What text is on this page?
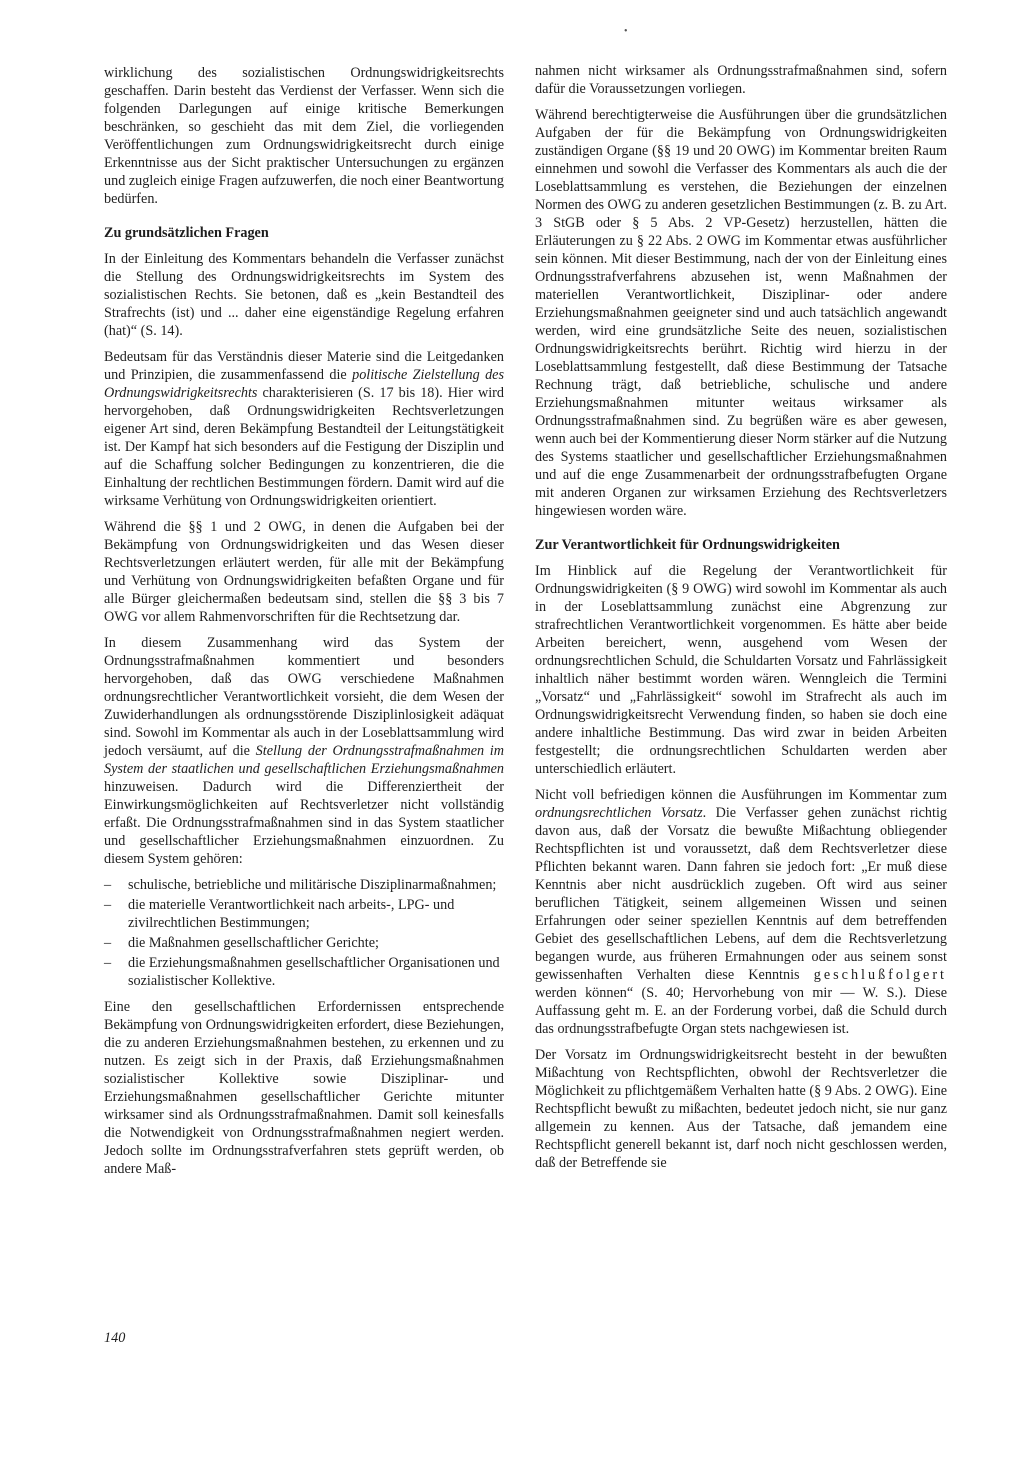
•

wirklichung des sozialistischen Ordnungswidrigkeitsrechts geschaffen. Darin besteht das Verdienst der Verfasser. Wenn sich die folgenden Darlegungen auf einige kritische Bemerkungen beschränken, so geschieht das mit dem Ziel, die vorliegenden Veröffentlichungen zum Ordnungswidrigkeitsrecht durch einige Erkenntnisse aus der Sicht praktischer Untersuchungen zu ergänzen und zugleich einige Fragen aufzuwerfen, die noch einer Beantwortung bedürfen.

Zu grundsätzlichen Fragen

In der Einleitung des Kommentars behandeln die Verfasser zunächst die Stellung des Ordnungswidrigkeitsrechts im System des sozialistischen Rechts. Sie betonen, daß es „kein Bestandteil des Strafrechts (ist) und ... daher eine eigenständige Regelung erfahren (hat)“ (S. 14).

Bedeutsam für das Verständnis dieser Materie sind die Leitgedanken und Prinzipien, die zusammenfassend die politische Zielstellung des Ordnungswidrigkeitsrechts charakterisieren (S. 17 bis 18). Hier wird hervorgehoben, daß Ordnungswidrigkeiten Rechtsverletzungen eigener Art sind, deren Bekämpfung Bestandteil der Leitungstätigkeit ist. Der Kampf hat sich besonders auf die Festigung der Disziplin und auf die Schaffung solcher Bedingungen zu konzentrieren, die die Einhaltung der rechtlichen Bestimmungen fördern. Damit wird auf die wirksame Verhütung von Ordnungswidrigkeiten orientiert.

Während die §§ 1 und 2 OWG, in denen die Aufgaben bei der Bekämpfung von Ordnungswidrigkeiten und das Wesen dieser Rechtsverletzungen erläutert werden, für alle mit der Bekämpfung und Verhütung von Ordnungswidrigkeiten befaßten Organe und für alle Bürger gleichermaßen bedeutsam sind, stellen die §§ 3 bis 7 OWG vor allem Rahmenvorschriften für die Rechtsetzung dar.

In diesem Zusammenhang wird das System der Ordnungsstrafmaßnahmen kommentiert und besonders hervorgehoben, daß das OWG verschiedene Maßnahmen ordnungsrechtlicher Verantwortlichkeit vorsieht, die dem Wesen der Zuwiderhandlungen als ordnungsstörende Disziplinlosigkeit adäquat sind. Sowohl im Kommentar als auch in der Loseblattsammlung wird jedoch versäumt, auf die Stellung der Ordnungsstrafmaßnahmen im System der staatlichen und gesellschaftlichen Erziehungsmaßnahmen hinzuweisen. Dadurch wird die Differenziertheit der Einwirkungsmöglichkeiten auf Rechtsverletzer nicht vollständig erfaßt. Die Ordnungsstrafmaßnahmen sind in das System staatlicher und gesellschaftlicher Erziehungsmaßnahmen einzuordnen. Zu diesem System gehören:

– schulische, betriebliche und militärische Disziplinarmaßnahmen;
– die materielle Verantwortlichkeit nach arbeits-, LPG- und zivilrechtlichen Bestimmungen;
– die Maßnahmen gesellschaftlicher Gerichte;
– die Erziehungsmaßnahmen gesellschaftlicher Organisationen und sozialistischer Kollektive.

Eine den gesellschaftlichen Erfordernissen entsprechende Bekämpfung von Ordnungswidrigkeiten erfordert, diese Beziehungen, die zu anderen Erziehungsmaßnahmen bestehen, zu erkennen und zu nutzen. Es zeigt sich in der Praxis, daß Erziehungsmaßnahmen sozialistischer Kollektive sowie Disziplinar- und Erziehungsmaßnahmen gesellschaftlicher Gerichte mitunter wirksamer sind als Ordnungsstrafmaßnahmen. Damit soll keinesfalls die Notwendigkeit von Ordnungsstrafmaßnahmen negiert werden. Jedoch sollte im Ordnungsstrafverfahren stets geprüft werden, ob andere Maß-

nahmen nicht wirksamer als Ordnungsstrafmaßnahmen sind, sofern dafür die Voraussetzungen vorliegen.

Während berechtigterweise die Ausführungen über die grundsätzlichen Aufgaben der für die Bekämpfung von Ordnungswidrigkeiten zuständigen Organe (§§ 19 und 20 OWG) im Kommentar breiten Raum einnehmen und sowohl die Verfasser des Kommentars als auch die der Loseblattsammlung es verstehen, die Beziehungen der einzelnen Normen des OWG zu anderen gesetzlichen Bestimmungen (z. B. zu Art. 3 StGB oder § 5 Abs. 2 VP-Gesetz) herzustellen, hätten die Erläuterungen zu § 22 Abs. 2 OWG im Kommentar etwas ausführlicher sein können. Mit dieser Bestimmung, nach der von der Einleitung eines Ordnungsstrafverfahrens abzusehen ist, wenn Maßnahmen der materiellen Verantwortlichkeit, Disziplinar- oder andere Erziehungsmaßnahmen geeigneter sind und auch tatsächlich angewandt werden, wird eine grundsätzliche Seite des neuen, sozialistischen Ordnungswidrigkeitsrechts berührt. Richtig wird hierzu in der Loseblattsammlung festgestellt, daß diese Bestimmung der Tatsache Rechnung trägt, daß betriebliche, schulische und andere Erziehungsmaßnahmen mitunter weitaus wirksamer als Ordnungsstrafmaßnahmen sind. Zu begrüßen wäre es aber gewesen, wenn auch bei der Kommentierung dieser Norm stärker auf die Nutzung des Systems staatlicher und gesellschaftlicher Erziehungsmaßnahmen und auf die enge Zusammenarbeit der ordnungsstrafbefugten Organe mit anderen Organen zur wirksamen Erziehung des Rechtsverletzers hingewiesen worden wäre.

Zur Verantwortlichkeit für Ordnungswidrigkeiten

Im Hinblick auf die Regelung der Verantwortlichkeit für Ordnungswidrigkeiten (§ 9 OWG) wird sowohl im Kommentar als auch in der Loseblattsammlung zunächst eine Abgrenzung zur strafrechtlichen Verantwortlichkeit vorgenommen. Es hätte aber beide Arbeiten bereichert, wenn, ausgehend vom Wesen der ordnungsrechtlichen Schuld, die Schuldarten Vorsatz und Fahrlässigkeit inhaltlich näher bestimmt worden wären. Wenngleich die Termini „Vorsatz“ und „Fahrlässigkeit“ sowohl im Strafrecht als auch im Ordnungswidrigkeitsrecht Verwendung finden, so haben sie doch eine andere inhaltliche Bestimmung. Das wird zwar in beiden Arbeiten festgestellt; die ordnungsrechtlichen Schuldarten werden aber unterschiedlich erläutert.

Nicht voll befriedigen können die Ausführungen im Kommentar zum ordnungsrechtlichen Vorsatz. Die Verfasser gehen zunächst richtig davon aus, daß der Vorsatz die bewußte Mißachtung obliegender Rechtspflichten ist und voraussetzt, daß dem Rechtsverletzer diese Pflichten bekannt waren. Dann fahren sie jedoch fort: „Er muß diese Kenntnis aber nicht ausdrücklich zugeben. Oft wird aus seiner beruflichen Tätigkeit, seinem allgemeinen Wissen und seinen Erfahrungen oder seiner speziellen Kenntnis auf dem betreffenden Gebiet des gesellschaftlichen Lebens, auf dem die Rechtsverletzung begangen wurde, aus früheren Ermahnungen oder aus seinem sonst gewissenhaften Verhalten diese Kenntnis geschlußfolgert werden können“ (S. 40; Hervorhebung von mir — W. S.). Diese Auffassung geht m. E. an der Forderung vorbei, daß die Schuld durch das ordnungsstrafbefugte Organ stets nachgewiesen ist.

Der Vorsatz im Ordnungswidrigkeitsrecht besteht in der bewußten Mißachtung von Rechtspflichten, obwohl der Rechtsverletzer die Möglichkeit zu pflichtgemäßem Verhalten hatte (§ 9 Abs. 2 OWG). Eine Rechtspflicht bewußt zu mißachten, bedeutet jedoch nicht, sie nur ganz allgemein zu kennen. Aus der Tatsache, daß jemandem eine Rechtspflicht generell bekannt ist, darf noch nicht geschlossen werden, daß der Betreffende sie

140
